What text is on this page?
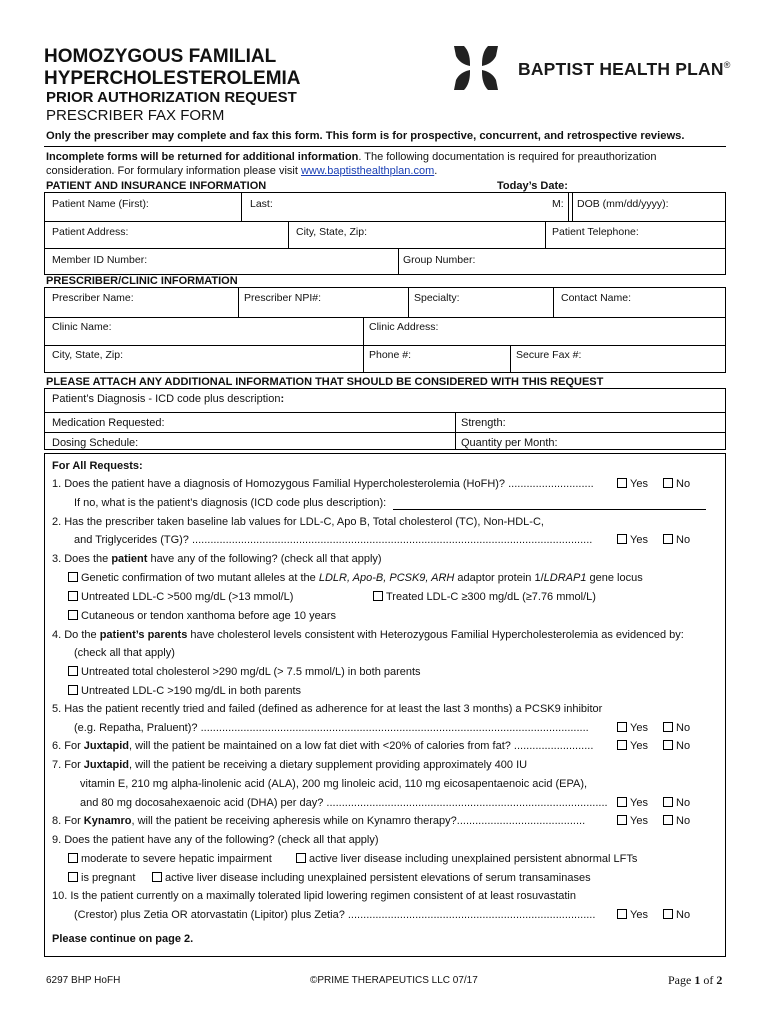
HOMOZYGOUS FAMILIAL
HYPERCHOLESTEROLEMIA
PRIOR AUTHORIZATION REQUEST
PRESCRIBER FAX FORM
BAPTIST HEALTH PLAN®
Only the prescriber may complete and fax this form. This form is for prospective, concurrent, and retrospective reviews.
Incomplete forms will be returned for additional information. The following documentation is required for preauthorization
consideration. For formulary information please visit www.baptisthealthplan.com.
PATIENT AND INSURANCE INFORMATION	Today’s Date:
Patient Name (First):	Last:	M: DOB (mm/dd/yyyy):
Patient Address:	City, State, Zip:	Patient Telephone:
Member ID Number:	Group Number:
PRESCRIBER/CLINIC INFORMATION
Prescriber Name:	Prescriber NPI#:	Specialty:	Contact Name:
Clinic Name:	Clinic Address:
City, State, Zip:	Phone #:	Secure Fax #:
PLEASE ATTACH ANY ADDITIONAL INFORMATION THAT SHOULD BE CONSIDERED WITH THIS REQUEST
Patient’s Diagnosis - ICD code plus description:
Medication Requested:	Strength:
Dosing Schedule:	Quantity per Month:
For All Requests:
1. Does the patient have a diagnosis of Homozygous Familial Hypercholesterolemia (HoFH)? ............................	Yes	No
If no, what is the patient’s diagnosis (ICD code plus description):
2. Has the prescriber taken baseline lab values for LDL-C, Apo B, Total cholesterol (TC), Non-HDL-C,
and Triglycerides (TG)? ...................................................................................................................................	Yes	No
3. Does the patient have any of the following? (check all that apply)
Genetic confirmation of two mutant alleles at the LDLR, Apo-B, PCSK9, ARH adaptor protein 1/LDRAP1 gene locus
Untreated LDL-C >500 mg/dL (>13 mmol/L)	Treated LDL-C ≥300 mg/dL (≥7.76 mmol/L)
Cutaneous or tendon xanthoma before age 10 years
4. Do the patient’s parents have cholesterol levels consistent with Heterozygous Familial Hypercholesterolemia as evidenced by:
(check all that apply)
Untreated total cholesterol >290 mg/dL (> 7.5 mmol/L) in both parents
Untreated LDL-C >190 mg/dL in both parents
5. Has the patient recently tried and failed (defined as adherence for at least the last 3 months) a PCSK9 inhibitor
(e.g. Repatha, Praluent)? ...............................................................................................................................	Yes	No
6. For Juxtapid, will the patient be maintained on a low fat diet with <20% of calories from fat? ..........................	Yes	No
7. For Juxtapid, will the patient be receiving a dietary supplement providing approximately 400 IU
vitamin E, 210 mg alpha-linolenic acid (ALA), 200 mg linoleic acid, 110 mg eicosapentaenoic acid (EPA),
and 80 mg docosahexaenoic acid (DHA) per day? ............................................................................................	Yes	No
8. For Kynamro, will the patient be receiving apheresis while on Kynamro therapy?..........................................	Yes	No
9. Does the patient have any of the following? (check all that apply)
moderate to severe hepatic impairment	active liver disease including unexplained persistent abnormal LFTs
is pregnant	active liver disease including unexplained persistent elevations of serum transaminases
10. Is the patient currently on a maximally tolerated lipid lowering regimen consistent of at least rosuvastatin
(Crestor) plus Zetia OR atorvastatin (Lipitor) plus Zetia? .................................................................................	Yes	No
Please continue on page 2.
6297 BHP HoFH	©PRIME THERAPEUTICS LLC 07/17	Page 1 of 2
